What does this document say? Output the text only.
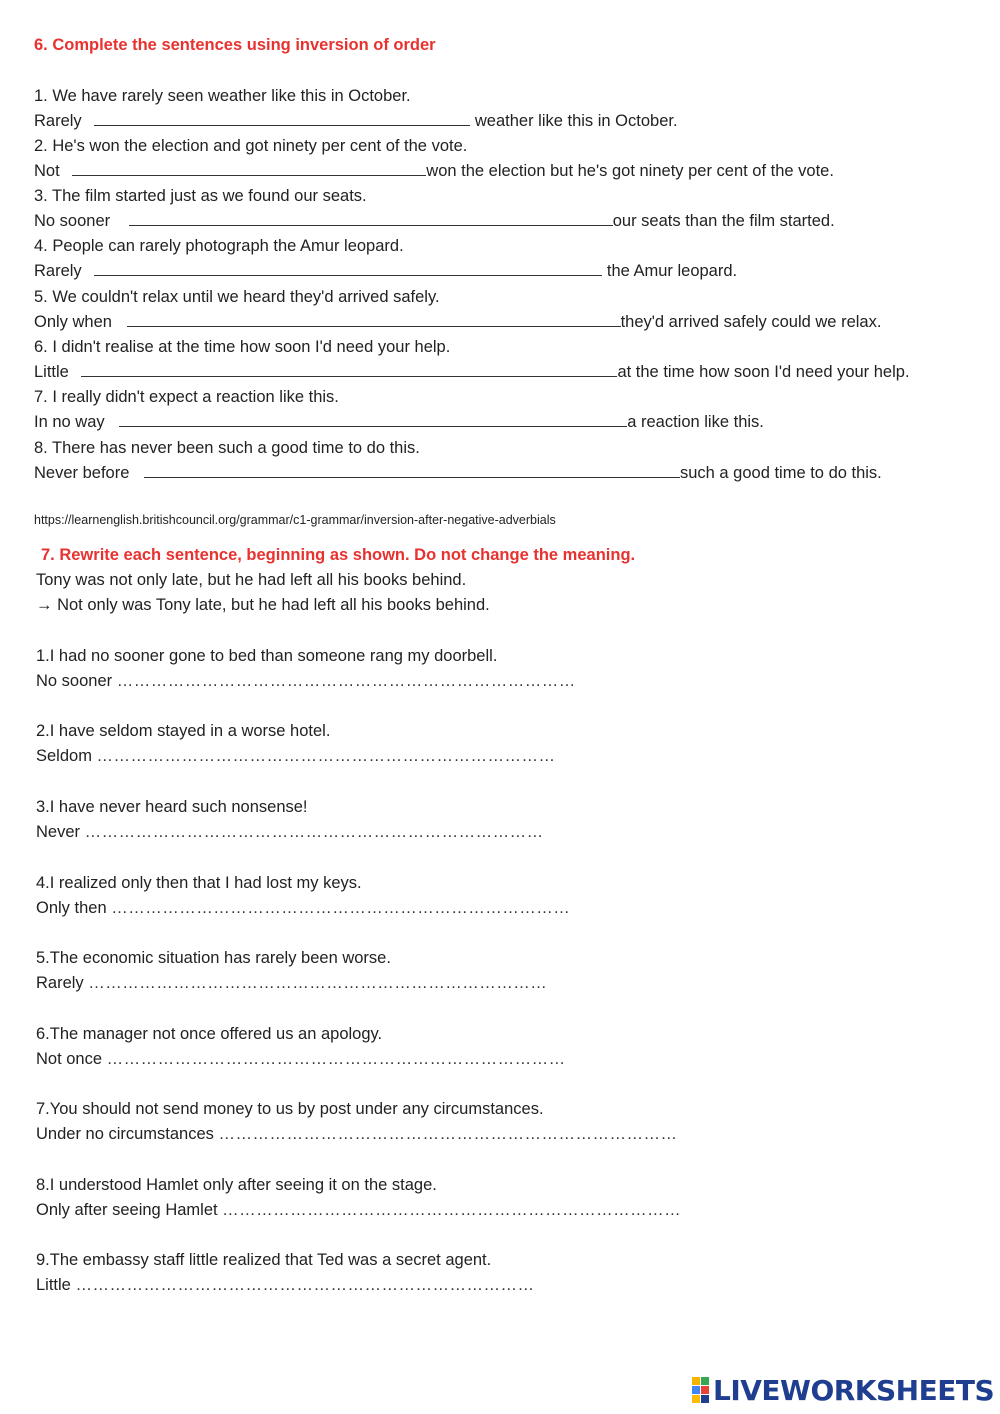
6. Complete the sentences using inversion of order
1. We have rarely seen weather like this in October.
Rarely	weather like this in October.
2. He's won the election and got ninety per cent of the vote.
Not	won the election but he's got ninety per cent of the vote.
3. The film started just as we found our seats.
No sooner	our seats than the film started.
4. People can rarely photograph the Amur leopard.
Rarely	the Amur leopard.
5. We couldn't relax until we heard they'd arrived safely.
Only when	they'd arrived safely could we relax.
6. I didn't realise at the time how soon I'd need your help.
Little	at the time how soon I'd need your help.
7. I really didn't expect a reaction like this.
In no way	a reaction like this.
8. There has never been such a good time to do this.
Never before	such a good time to do this.
https://learnenglish.britishcouncil.org/grammar/c1-grammar/inversion-after-negative-adverbials
7. Rewrite each sentence, beginning as shown. Do not change the meaning.
Tony was not only late, but he had left all his books behind.
→ Not only was Tony late, but he had left all his books behind.
1.I had no sooner gone to bed than someone rang my doorbell.
No sooner ………………………………………………………………………
2.I have seldom stayed in a worse hotel.
Seldom ………………………………………………………………………
3.I have never heard such nonsense!
Never ………………………………………………………………………
4.I realized only then that I had lost my keys.
Only then ………………………………………………………………………
5.The economic situation has rarely been worse.
Rarely ………………………………………………………………………
6.The manager not once offered us an apology.
Not once ………………………………………………………………………
7.You should not send money to us by post under any circumstances.
Under no circumstances ………………………………………………………………………
8.I understood Hamlet only after seeing it on the stage.
Only after seeing Hamlet ………………………………………………………………………
9.The embassy staff little realized that Ted was a secret agent.
Little ………………………………………………………………………
LIVEWORKSHEETS
